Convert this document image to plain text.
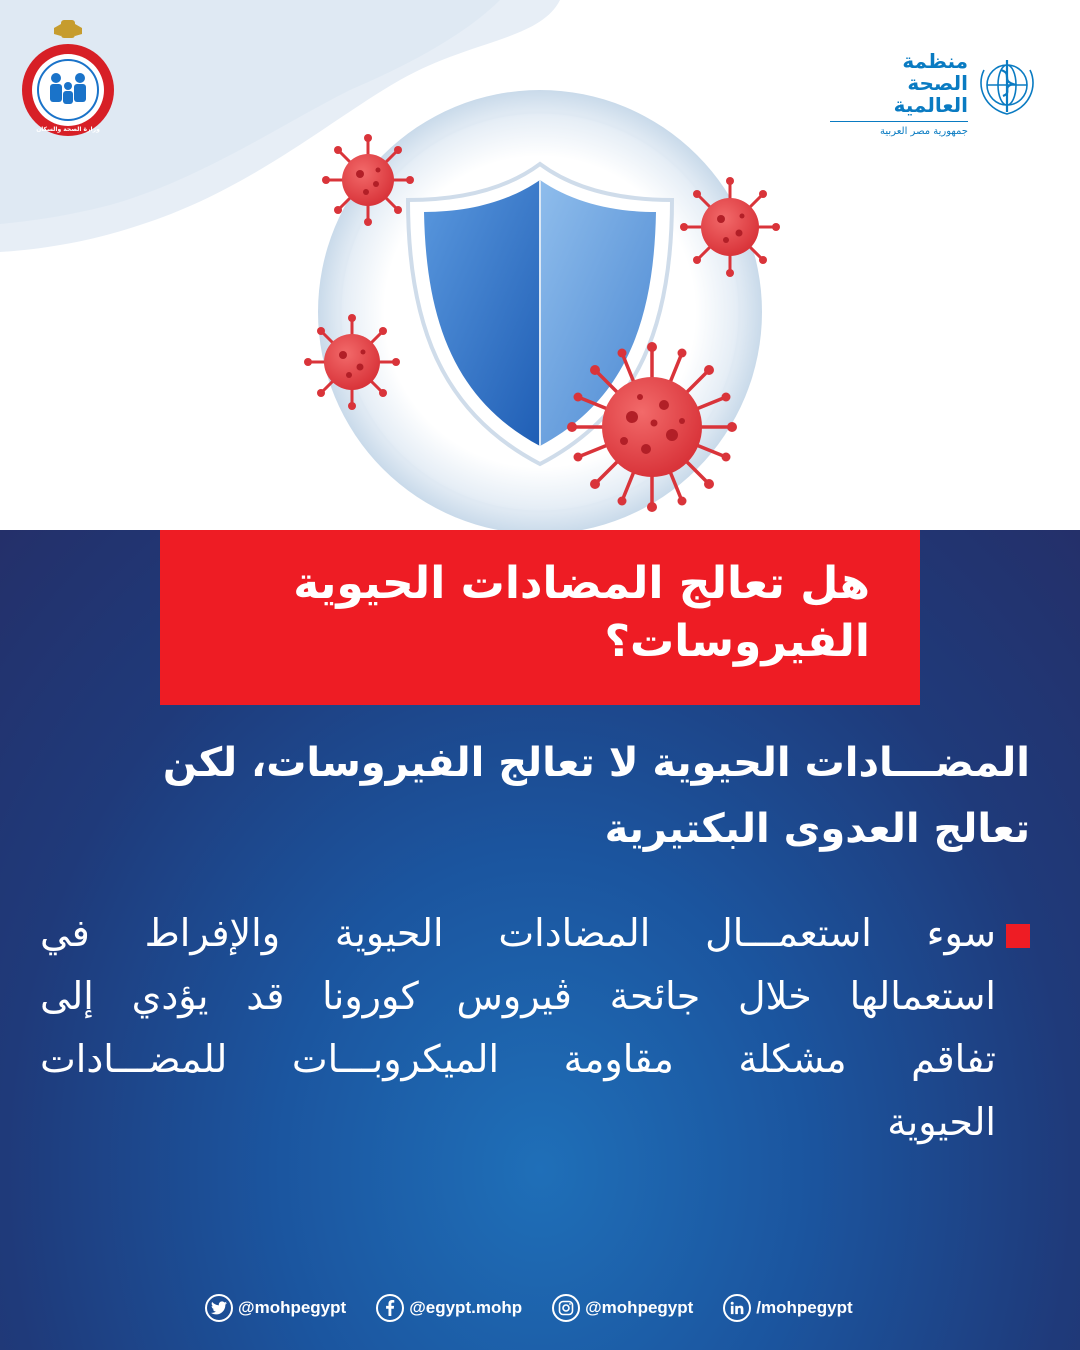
وزارة الصحة والسكان
منظمة
الصحة العالمية
جمهورية مصر العربية
هل تعالج المضادات الحيوية
الفيروسات؟
المضـــادات الحيوية لا تعالج الفيروسات، لكن
تعالج العدوى البكتيرية
سوء استعمـــال المضادات الحيوية والإفراط في
استعمالها خلال جائحة ڤيروس كورونا قد يؤدي إلى
تفاقم مشكلة مقاومة الميكروبـــات للمضـــادات
الحيوية
@mohpegypt	@egypt.mohp	@mohpegypt	/mohpegypt
